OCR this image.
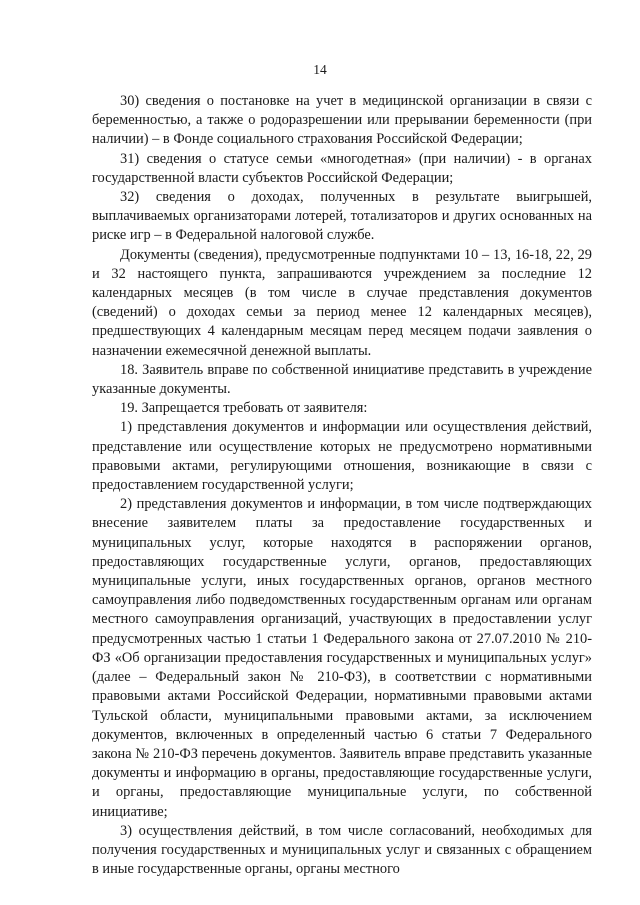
14

30) сведения о постановке на учет в медицинской организации в связи с беременностью, а также о родоразрешении или прерывании беременности (при наличии) – в Фонде социального страхования Российской Федерации;

31) сведения о статусе семьи «многодетная» (при наличии) - в органах государственной власти субъектов Российской Федерации;

32) сведения о доходах, полученных в результате выигрышей, выплачиваемых организаторами лотерей, тотализаторов и других основанных на риске игр – в Федеральной налоговой службе.

Документы (сведения), предусмотренные подпунктами 10 – 13, 16-18, 22, 29 и 32 настоящего пункта, запрашиваются учреждением за последние 12 календарных месяцев (в том числе в случае представления документов (сведений) о доходах семьи за период менее 12 календарных месяцев), предшествующих 4 календарным месяцам перед месяцем подачи заявления о назначении ежемесячной денежной выплаты.

18. Заявитель вправе по собственной инициативе представить в учреждение указанные документы.

19. Запрещается требовать от заявителя:

1) представления документов и информации или осуществления действий, представление или осуществление которых не предусмотрено нормативными правовыми актами, регулирующими отношения, возникающие в связи с предоставлением государственной услуги;

2) представления документов и информации, в том числе подтверждающих внесение заявителем платы за предоставление государственных и муниципальных услуг, которые находятся в распоряжении органов, предоставляющих государственные услуги, органов, предоставляющих муниципальные услуги, иных государственных органов, органов местного самоуправления либо подведомственных государственным органам или органам местного самоуправления организаций, участвующих в предоставлении услуг предусмотренных частью 1 статьи 1 Федерального закона от 27.07.2010 № 210-ФЗ «Об организации предоставления государственных и муниципальных услуг» (далее – Федеральный закон № 210-ФЗ), в соответствии с нормативными правовыми актами Российской Федерации, нормативными правовыми актами Тульской области, муниципальными правовыми актами, за исключением документов, включенных в определенный частью 6 статьи 7 Федерального закона № 210-ФЗ перечень документов. Заявитель вправе представить указанные документы и информацию в органы, предоставляющие государственные услуги, и органы, предоставляющие муниципальные услуги, по собственной инициативе;

3) осуществления действий, в том числе согласований, необходимых для получения государственных и муниципальных услуг и связанных с обращением в иные государственные органы, органы местного
